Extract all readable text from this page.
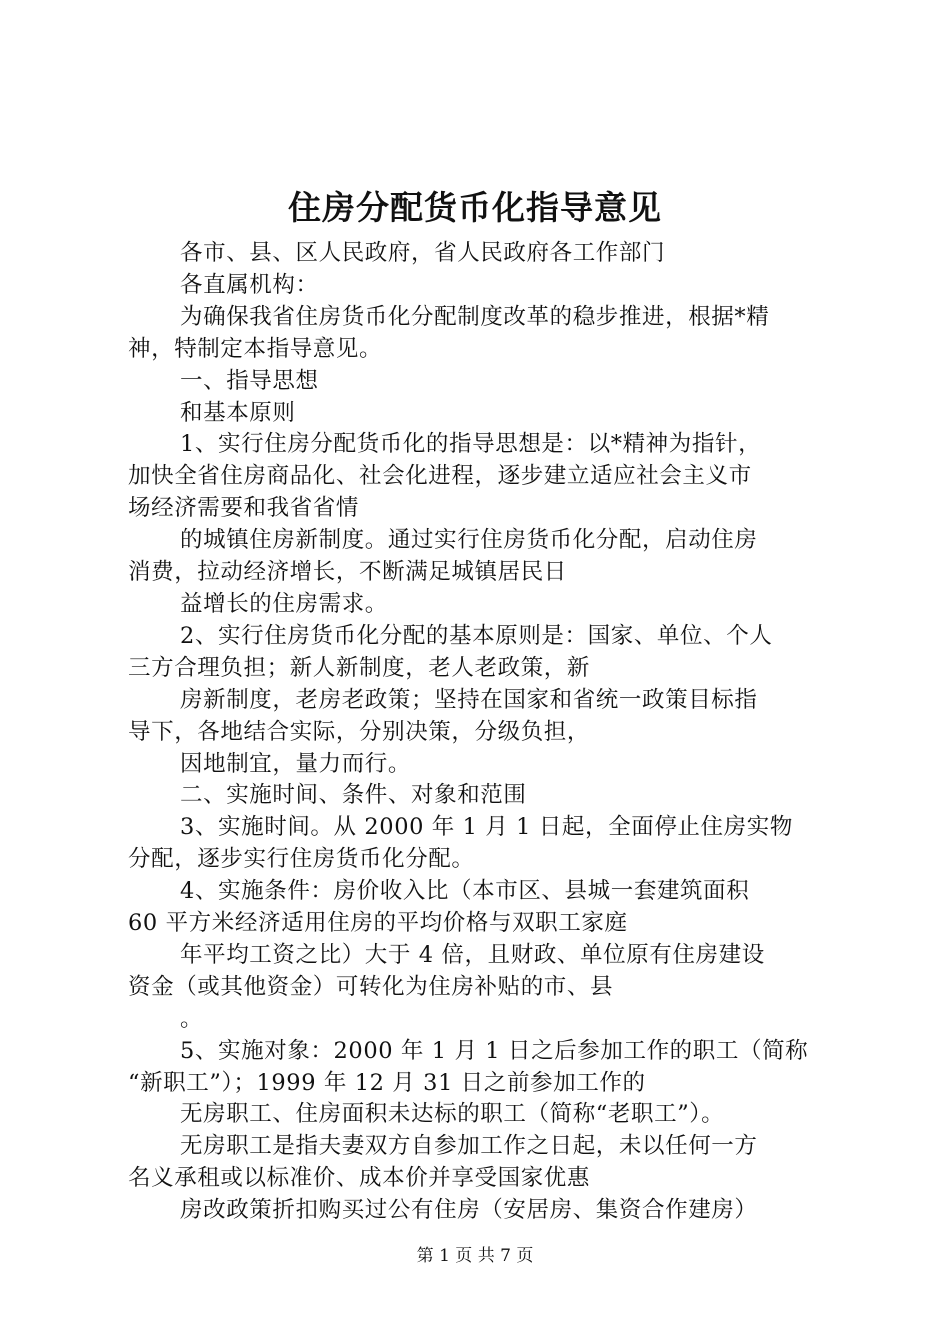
住房分配货币化指导意见
各市、县、区人民政府，省人民政府各工作部门
各直属机构：
为确保我省住房货币化分配制度改革的稳步推进，根据*精
神，特制定本指导意见。
一、指导思想
和基本原则
1、实行住房分配货币化的指导思想是：以*精神为指针，
加快全省住房商品化、社会化进程，逐步建立适应社会主义市
场经济需要和我省省情
的城镇住房新制度。通过实行住房货币化分配，启动住房
消费，拉动经济增长，不断满足城镇居民日
益增长的住房需求。
2、实行住房货币化分配的基本原则是：国家、单位、个人
三方合理负担；新人新制度，老人老政策，新
房新制度，老房老政策；坚持在国家和省统一政策目标指
导下，各地结合实际，分别决策，分级负担，
因地制宜，量力而行。
二、实施时间、条件、对象和范围
3、实施时间。从 2000 年 1 月 1 日起，全面停止住房实物
分配，逐步实行住房货币化分配。
4、实施条件：房价收入比（本市区、县城一套建筑面积
60 平方米经济适用住房的平均价格与双职工家庭
年平均工资之比）大于 4 倍，且财政、单位原有住房建设
资金（或其他资金）可转化为住房补贴的市、县
。
5、实施对象：2000 年 1 月 1 日之后参加工作的职工（简称
“新职工”）；1999 年 12 月 31 日之前参加工作的
无房职工、住房面积未达标的职工（简称“老职工”）。
无房职工是指夫妻双方自参加工作之日起，未以任何一方
名义承租或以标准价、成本价并享受国家优惠
房改政策折扣购买过公有住房（安居房、集资合作建房）
第 1 页 共 7 页
